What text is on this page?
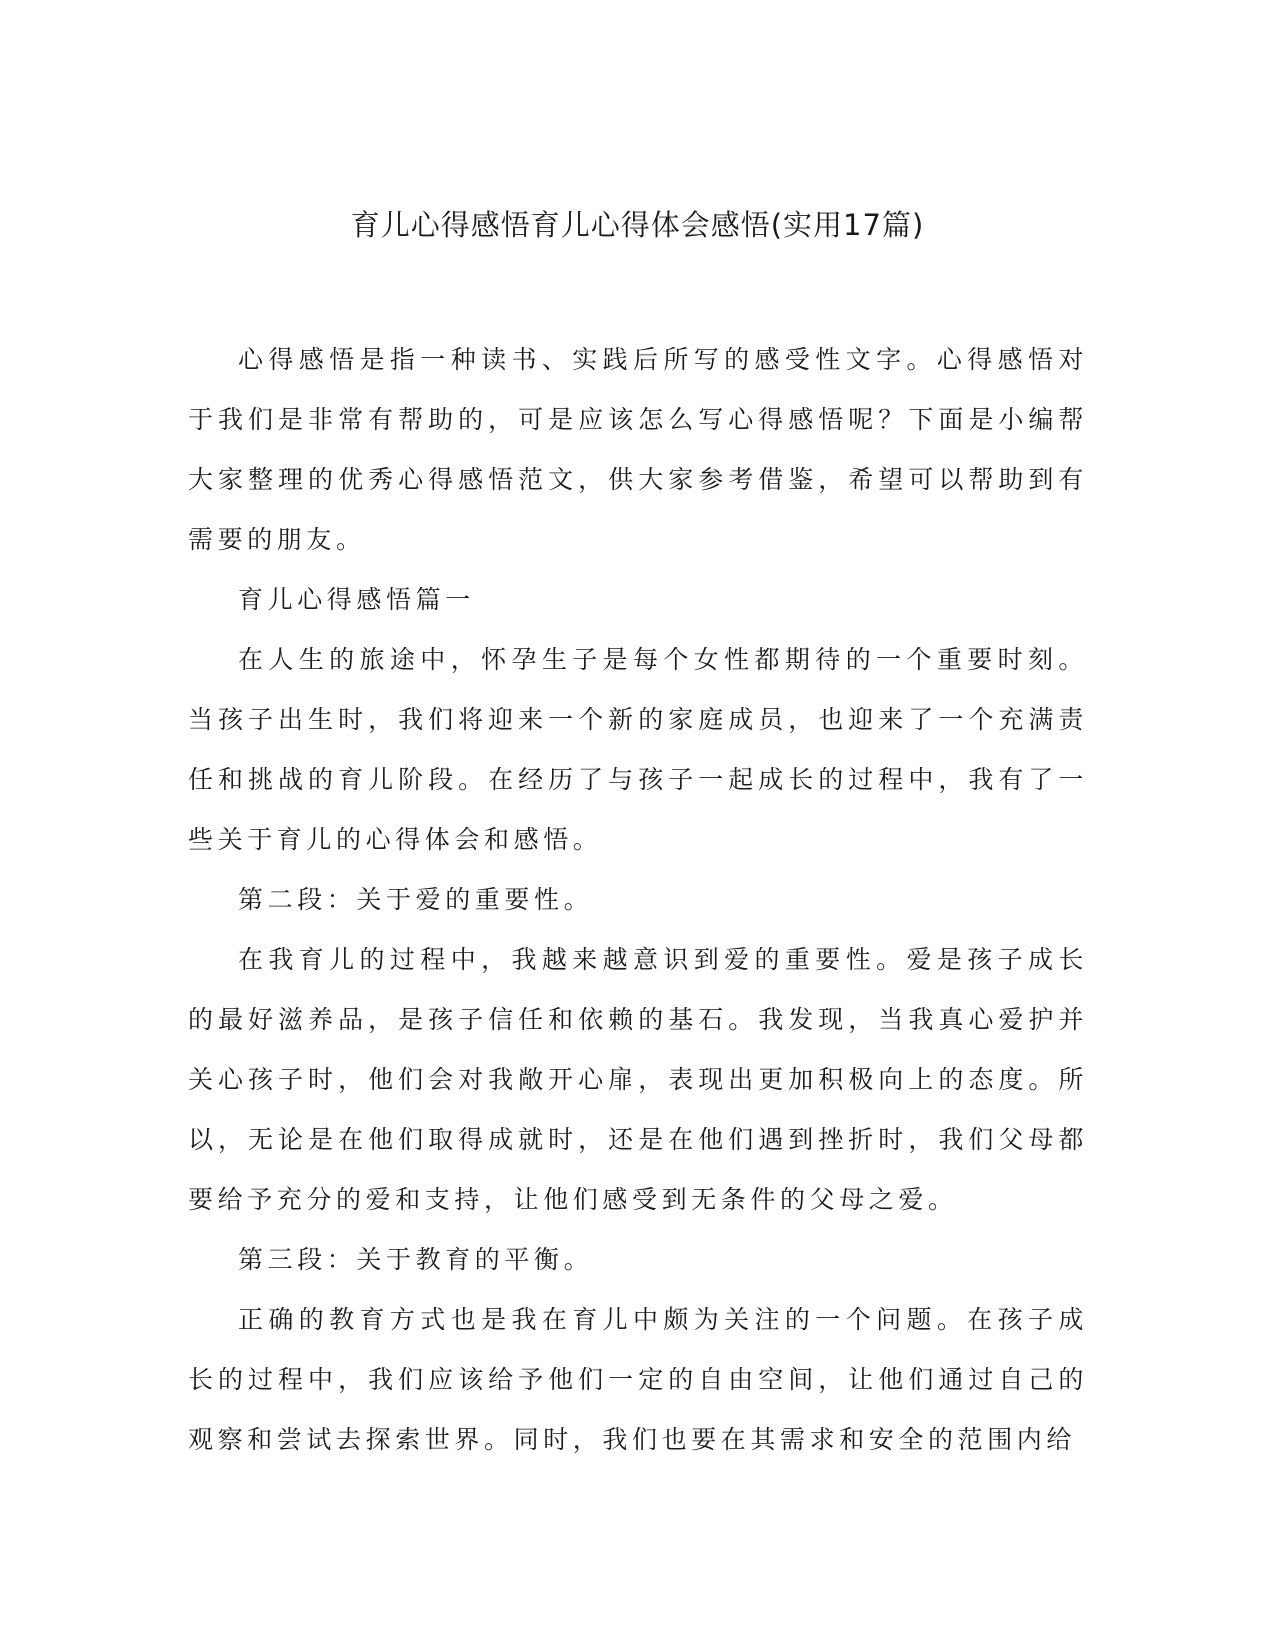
育儿心得感悟育儿心得体会感悟(实用17篇)

心得感悟是指一种读书、实践后所写的感受性文字。心得感悟对于我们是非常有帮助的，可是应该怎么写心得感悟呢？下面是小编帮大家整理的优秀心得感悟范文，供大家参考借鉴，希望可以帮助到有需要的朋友。

育儿心得感悟篇一

在人生的旅途中，怀孕生子是每个女性都期待的一个重要时刻。当孩子出生时，我们将迎来一个新的家庭成员，也迎来了一个充满责任和挑战的育儿阶段。在经历了与孩子一起成长的过程中，我有了一些关于育儿的心得体会和感悟。

第二段：关于爱的重要性。

在我育儿的过程中，我越来越意识到爱的重要性。爱是孩子成长的最好滋养品，是孩子信任和依赖的基石。我发现，当我真心爱护并关心孩子时，他们会对我敞开心扉，表现出更加积极向上的态度。所以，无论是在他们取得成就时，还是在他们遇到挫折时，我们父母都要给予充分的爱和支持，让他们感受到无条件的父母之爱。

第三段：关于教育的平衡。

正确的教育方式也是我在育儿中颇为关注的一个问题。在孩子成长的过程中，我们应该给予他们一定的自由空间，让他们通过自己的观察和尝试去探索世界。同时，我们也要在其需求和安全的范围内给
